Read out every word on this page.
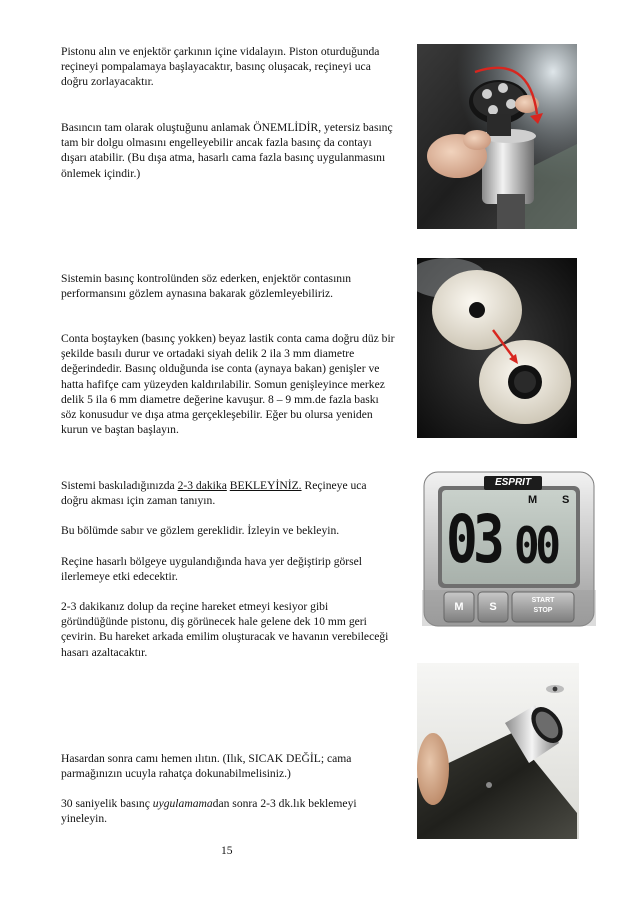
Pistonu alın ve enjektör çarkının içine vidalayın. Piston oturduğunda reçineyi pompalamaya başlayacaktır, basınç oluşacak, reçineyi uca doğru zorlayacaktır.

Basıncın tam olarak oluştuğunu anlamak ÖNEMLİDİR, yetersiz basınç tam bir dolgu olmasını engelleyebilir ancak fazla basınç da contayı dışarı atabilir. (Bu dışa atma, hasarlı cama fazla basınç uygulanmasını önlemek içindir.)

Sistemin basınç kontrolünden söz ederken, enjektör contasının performansını gözlem aynasına bakarak gözlemleyebiliriz.

Conta boştayken (basınç yokken) beyaz lastik conta cama doğru düz bir şekilde basılı durur ve ortadaki siyah delik 2 ila 3 mm diametre değerindedir. Basınç olduğunda ise conta (aynaya bakan) genişler ve hatta hafifçe cam yüzeyden kaldırılabilir. Somun genişleyince merkez delik 5 ila 6 mm diametre değerine kavuşur. 8 – 9 mm.de fazla baskı söz konusudur ve dışa atma gerçekleşebilir. Eğer bu olursa yeniden kurun ve baştan başlayın.

Sistemi baskıladığınızda 2-3 dakika BEKLEYİNİZ. Reçineye uca doğru akması için zaman tanıyın.

Bu bölümde sabır ve gözlem gereklidir. İzleyin ve bekleyin.

Reçine hasarlı bölgeye uygulandığında hava yer değiştirip görsel ilerlemeye etki edecektir.

2-3 dakikanız dolup da reçine hareket etmeyi kesiyor gibi göründüğünde pistonu, diş görünecek hale gelene dek 10 mm geri çevirin. Bu hareket arkada emilim oluşturacak ve havanın verebileceği hasarı azaltacaktır.

Hasardan sonra camı hemen ılıtın. (Ilık, SICAK DEĞİL; cama parmağınızın ucuyla rahatça dokunabilmelisiniz.)

30 saniyelik basınç uygulamamadan sonra 2-3 dk.lık beklemeyi yineleyin.

ESPRIT
03 00
M S
M	S
START
STOP
15
